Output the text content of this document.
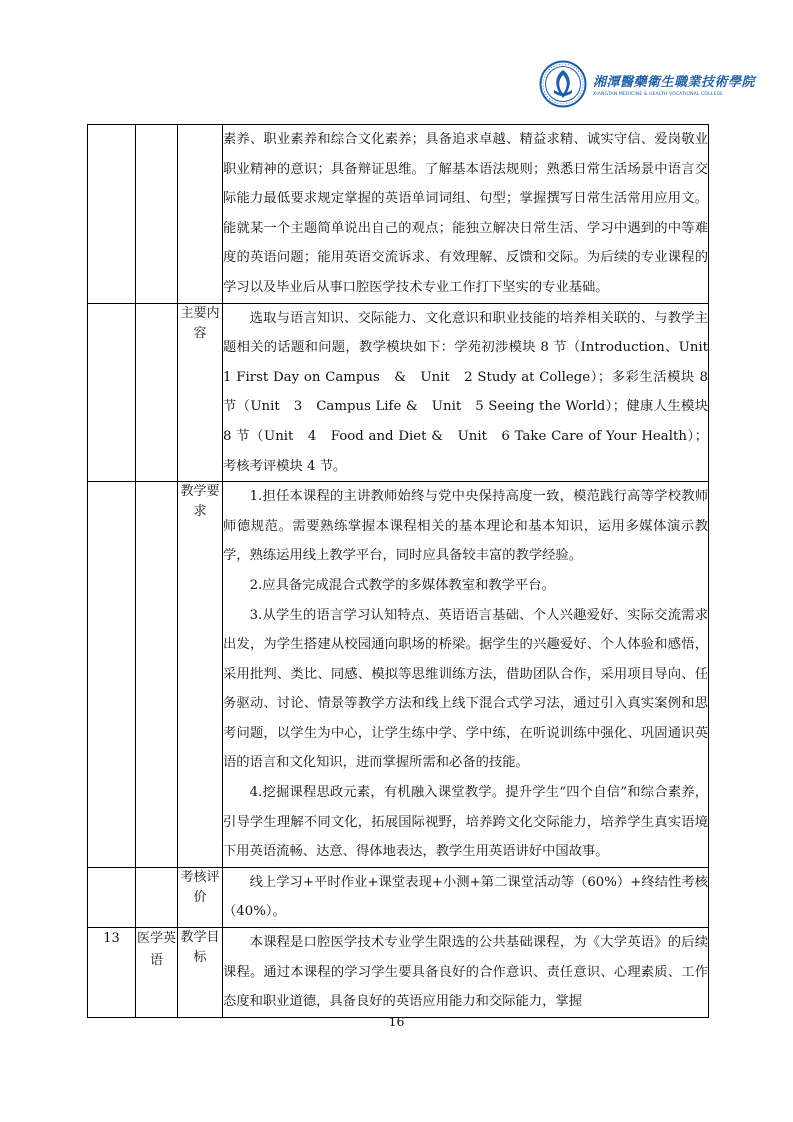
湘潭醫藥衛生職業技術學院
XIANGTAN MEDICINE & HEALTH VOCATIONAL COLLEGE

			素养、职业素养和综合文化素养；具备追求卓越、精益求精、诚实守信、爱岗敬业职业精神的意识；具备辩证思维。了解基本语法规则；熟悉日常生活场景中语言交际能力最低要求规定掌握的英语单词词组、句型；掌握撰写日常生活常用应用文。能就某一个主题简单说出自己的观点；能独立解决日常生活、学习中遇到的中等难度的英语问题；能用英语交流诉求、有效理解、反馈和交际。为后续的专业课程的学习以及毕业后从事口腔医学技术专业工作打下坚实的专业基础。

		主要内容	选取与语言知识、交际能力、文化意识和职业技能的培养相关联的、与教学主题相关的话题和问题，教学模块如下：学苑初涉模块 8 节（Introduction、Unit　1 First Day on Campus　&　Unit　2 Study at College）；多彩生活模块 8 节（Unit　3　Campus Life &　Unit　5 Seeing the World）；健康人生模块 8 节（Unit　4　Food and Diet &　Unit　6 Take Care of Your Health）；考核考评模块 4 节。

		教学要求	1.担任本课程的主讲教师始终与党中央保持高度一致，模范践行高等学校教师师德规范。需要熟练掌握本课程相关的基本理论和基本知识，运用多媒体演示教学，熟练运用线上教学平台，同时应具备较丰富的教学经验。

2.应具备完成混合式教学的多媒体教室和教学平台。

3.从学生的语言学习认知特点、英语语言基础、个人兴趣爱好、实际交流需求出发，为学生搭建从校园通向职场的桥梁。据学生的兴趣爱好、个人体验和感悟，采用批判、类比、同感、模拟等思维训练方法，借助团队合作，采用项目导向、任务驱动、讨论、情景等教学方法和线上线下混合式学习法，通过引入真实案例和思考问题，以学生为中心，让学生练中学、学中练，在听说训练中强化、巩固通识英语的语言和文化知识，进而掌握所需和必备的技能。

4.挖掘课程思政元素，有机融入课堂教学。提升学生“四个自信”和综合素养，引导学生理解不同文化，拓展国际视野，培养跨文化交际能力，培养学生真实语境下用英语流畅、达意、得体地表达，教学生用英语讲好中国故事。

		考核评价	线上学习+平时作业+课堂表现+小测+第二课堂活动等（60%）+终结性考核（40%）。

13	医学英语	教学目标	本课程是口腔医学技术专业学生限选的公共基础课程，为《大学英语》的后续课程。通过本课程的学习学生要具备良好的合作意识、责任意识、心理素质、工作态度和职业道德，具备良好的英语应用能力和交际能力，掌握

16
